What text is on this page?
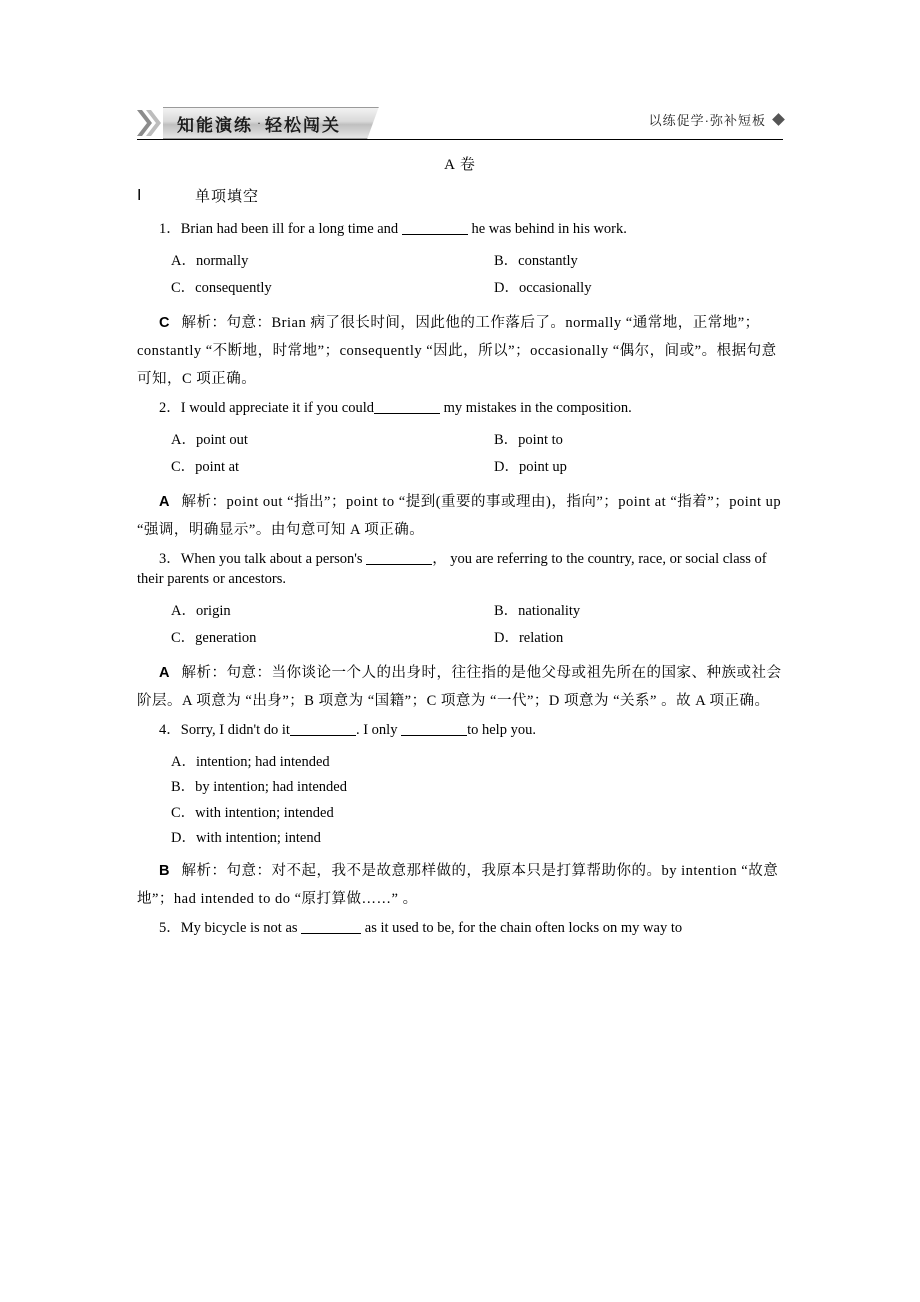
知能演练 · 轻松闯关	以练促学·弥补短板
A 卷
Ⅰ	单项填空
1．Brian had been ill for a long time and	he was behind in his work.
A．normally	B．constantly
C．consequently	D．occasionally
C 解析：句意：Brian 病了很长时间，因此他的工作落后了。normally “通常地，正常地”；constantly “不断地，时常地”；consequently “因此，所以”；occasionally “偶尔，间或”。根据句意可知，C 项正确。
2．I would appreciate it if you could	my mistakes in the composition.
A．point out	B．point to
C．point at	D．point up
A 解析：point out “指出”；point to “提到(重要的事或理由)，指向”；point at “指着”；point up “强调，明确显示”。由句意可知 A 项正确。
3．When you talk about a person's	， you are referring to the country, race, or social class of their parents or ancestors.
A．origin	B．nationality
C．generation	D．relation
A 解析：句意：当你谈论一个人的出身时，往往指的是他父母或祖先所在的国家、种族或社会阶层。A 项意为 “出身”；B 项意为 “国籍”；C 项意为 “一代”；D 项意为 “关系” 。故 A 项正确。
4．Sorry, I didn't do it	. I only	to help you.
A．intention; had intended
B．by intention; had intended
C．with intention; intended
D．with intention; intend
B 解析：句意：对不起，我不是故意那样做的，我原本只是打算帮助你的。by intention “故意地”；had intended to do “原打算做……” 。
5．My bicycle is not as	as it used to be, for the chain often locks on my way to
